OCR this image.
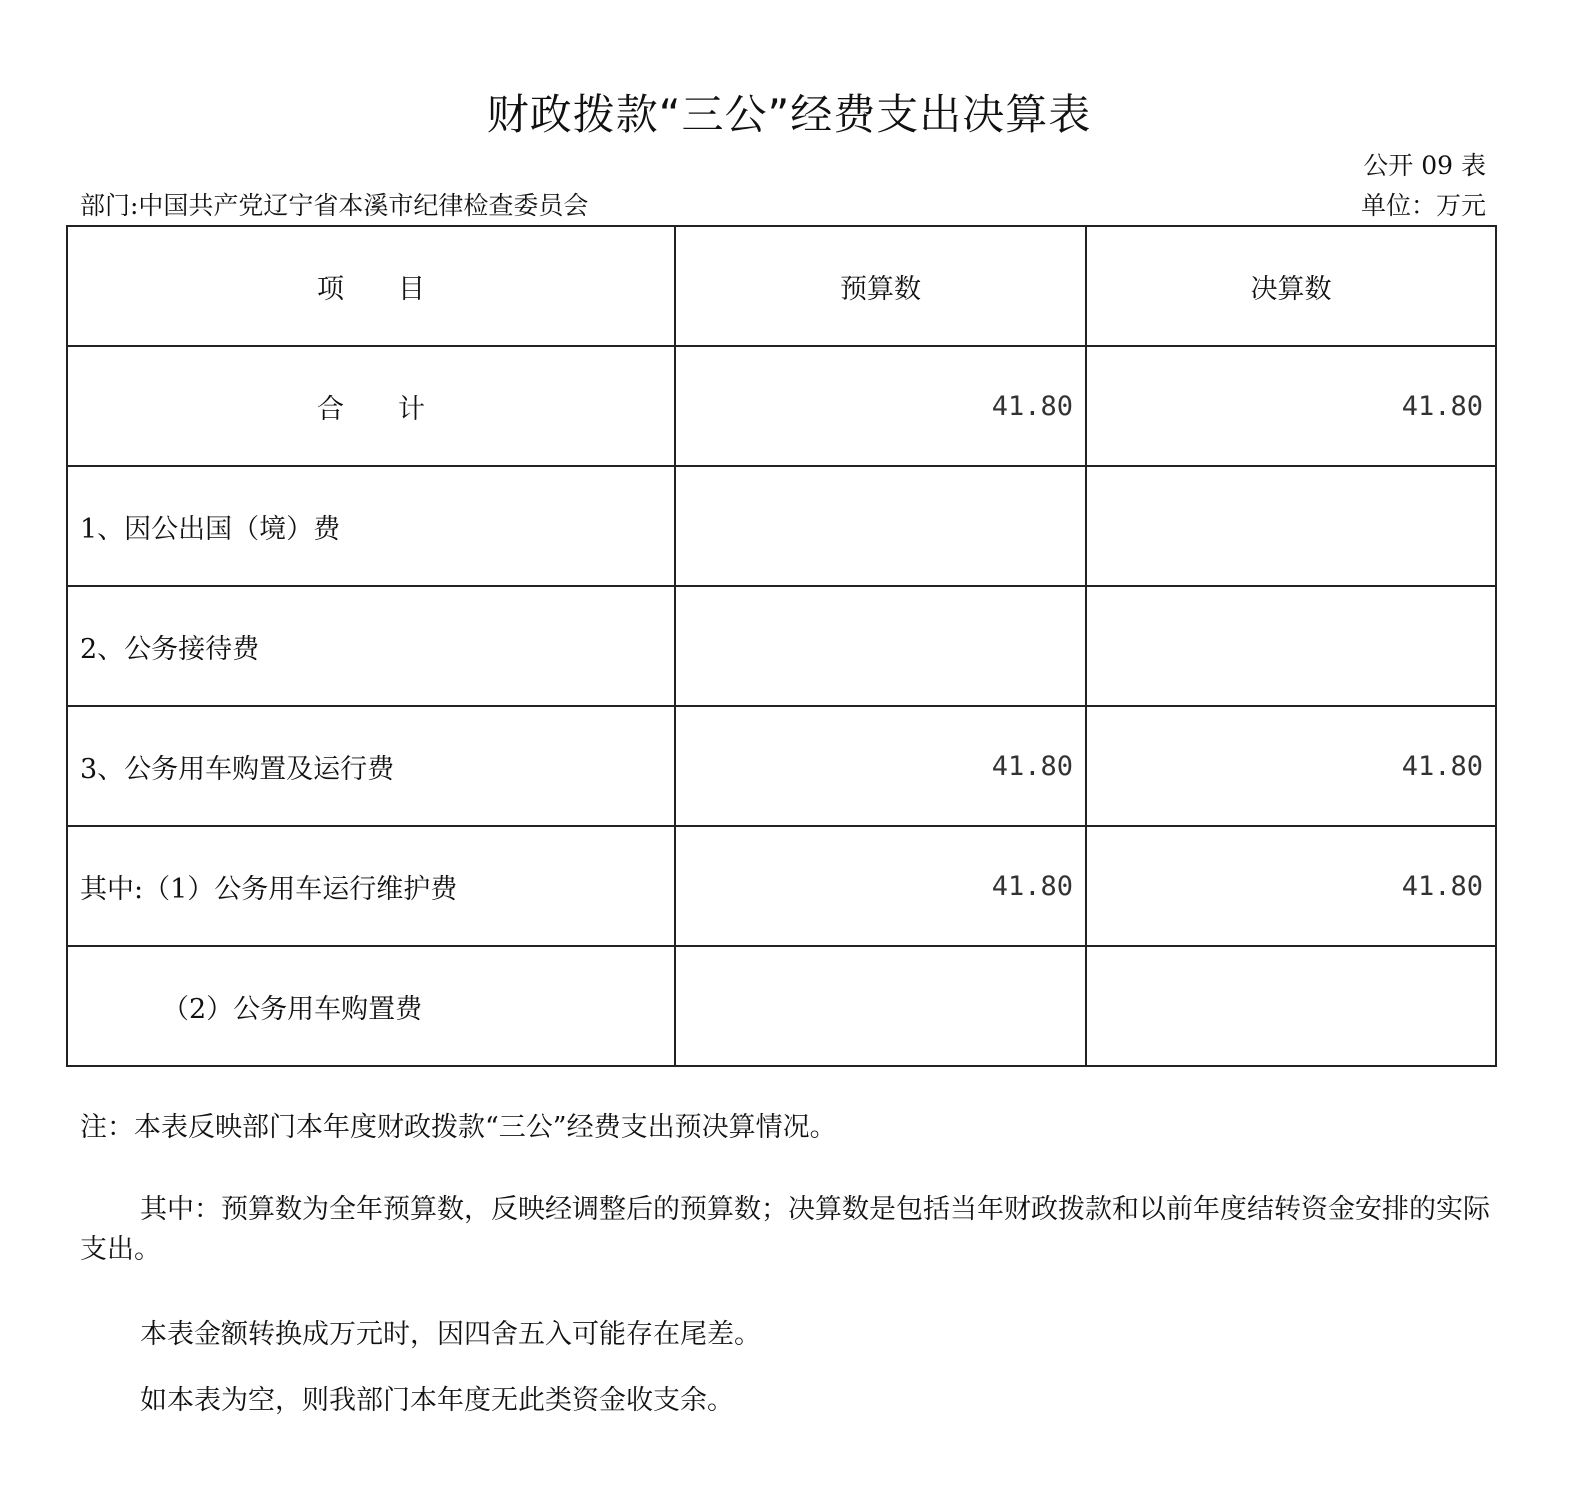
财政拨款“三公”经费支出决算表
公开 09 表
部门:中国共产党辽宁省本溪市纪律检查委员会	单位：万元
项　　目	预算数	决算数
合　　计	41.80	41.80
1、因公出国（境）费		
2、公务接待费		
3、公务用车购置及运行费	41.80	41.80
其中:（1）公务用车运行维护费	41.80	41.80
（2）公务用车购置费		

注：本表反映部门本年度财政拨款“三公”经费支出预决算情况。

其中：预算数为全年预算数，反映经调整后的预算数；决算数是包括当年财政拨款和以前年度结转资金安排的实际支出。

本表金额转换成万元时，因四舍五入可能存在尾差。

如本表为空，则我部门本年度无此类资金收支余。
